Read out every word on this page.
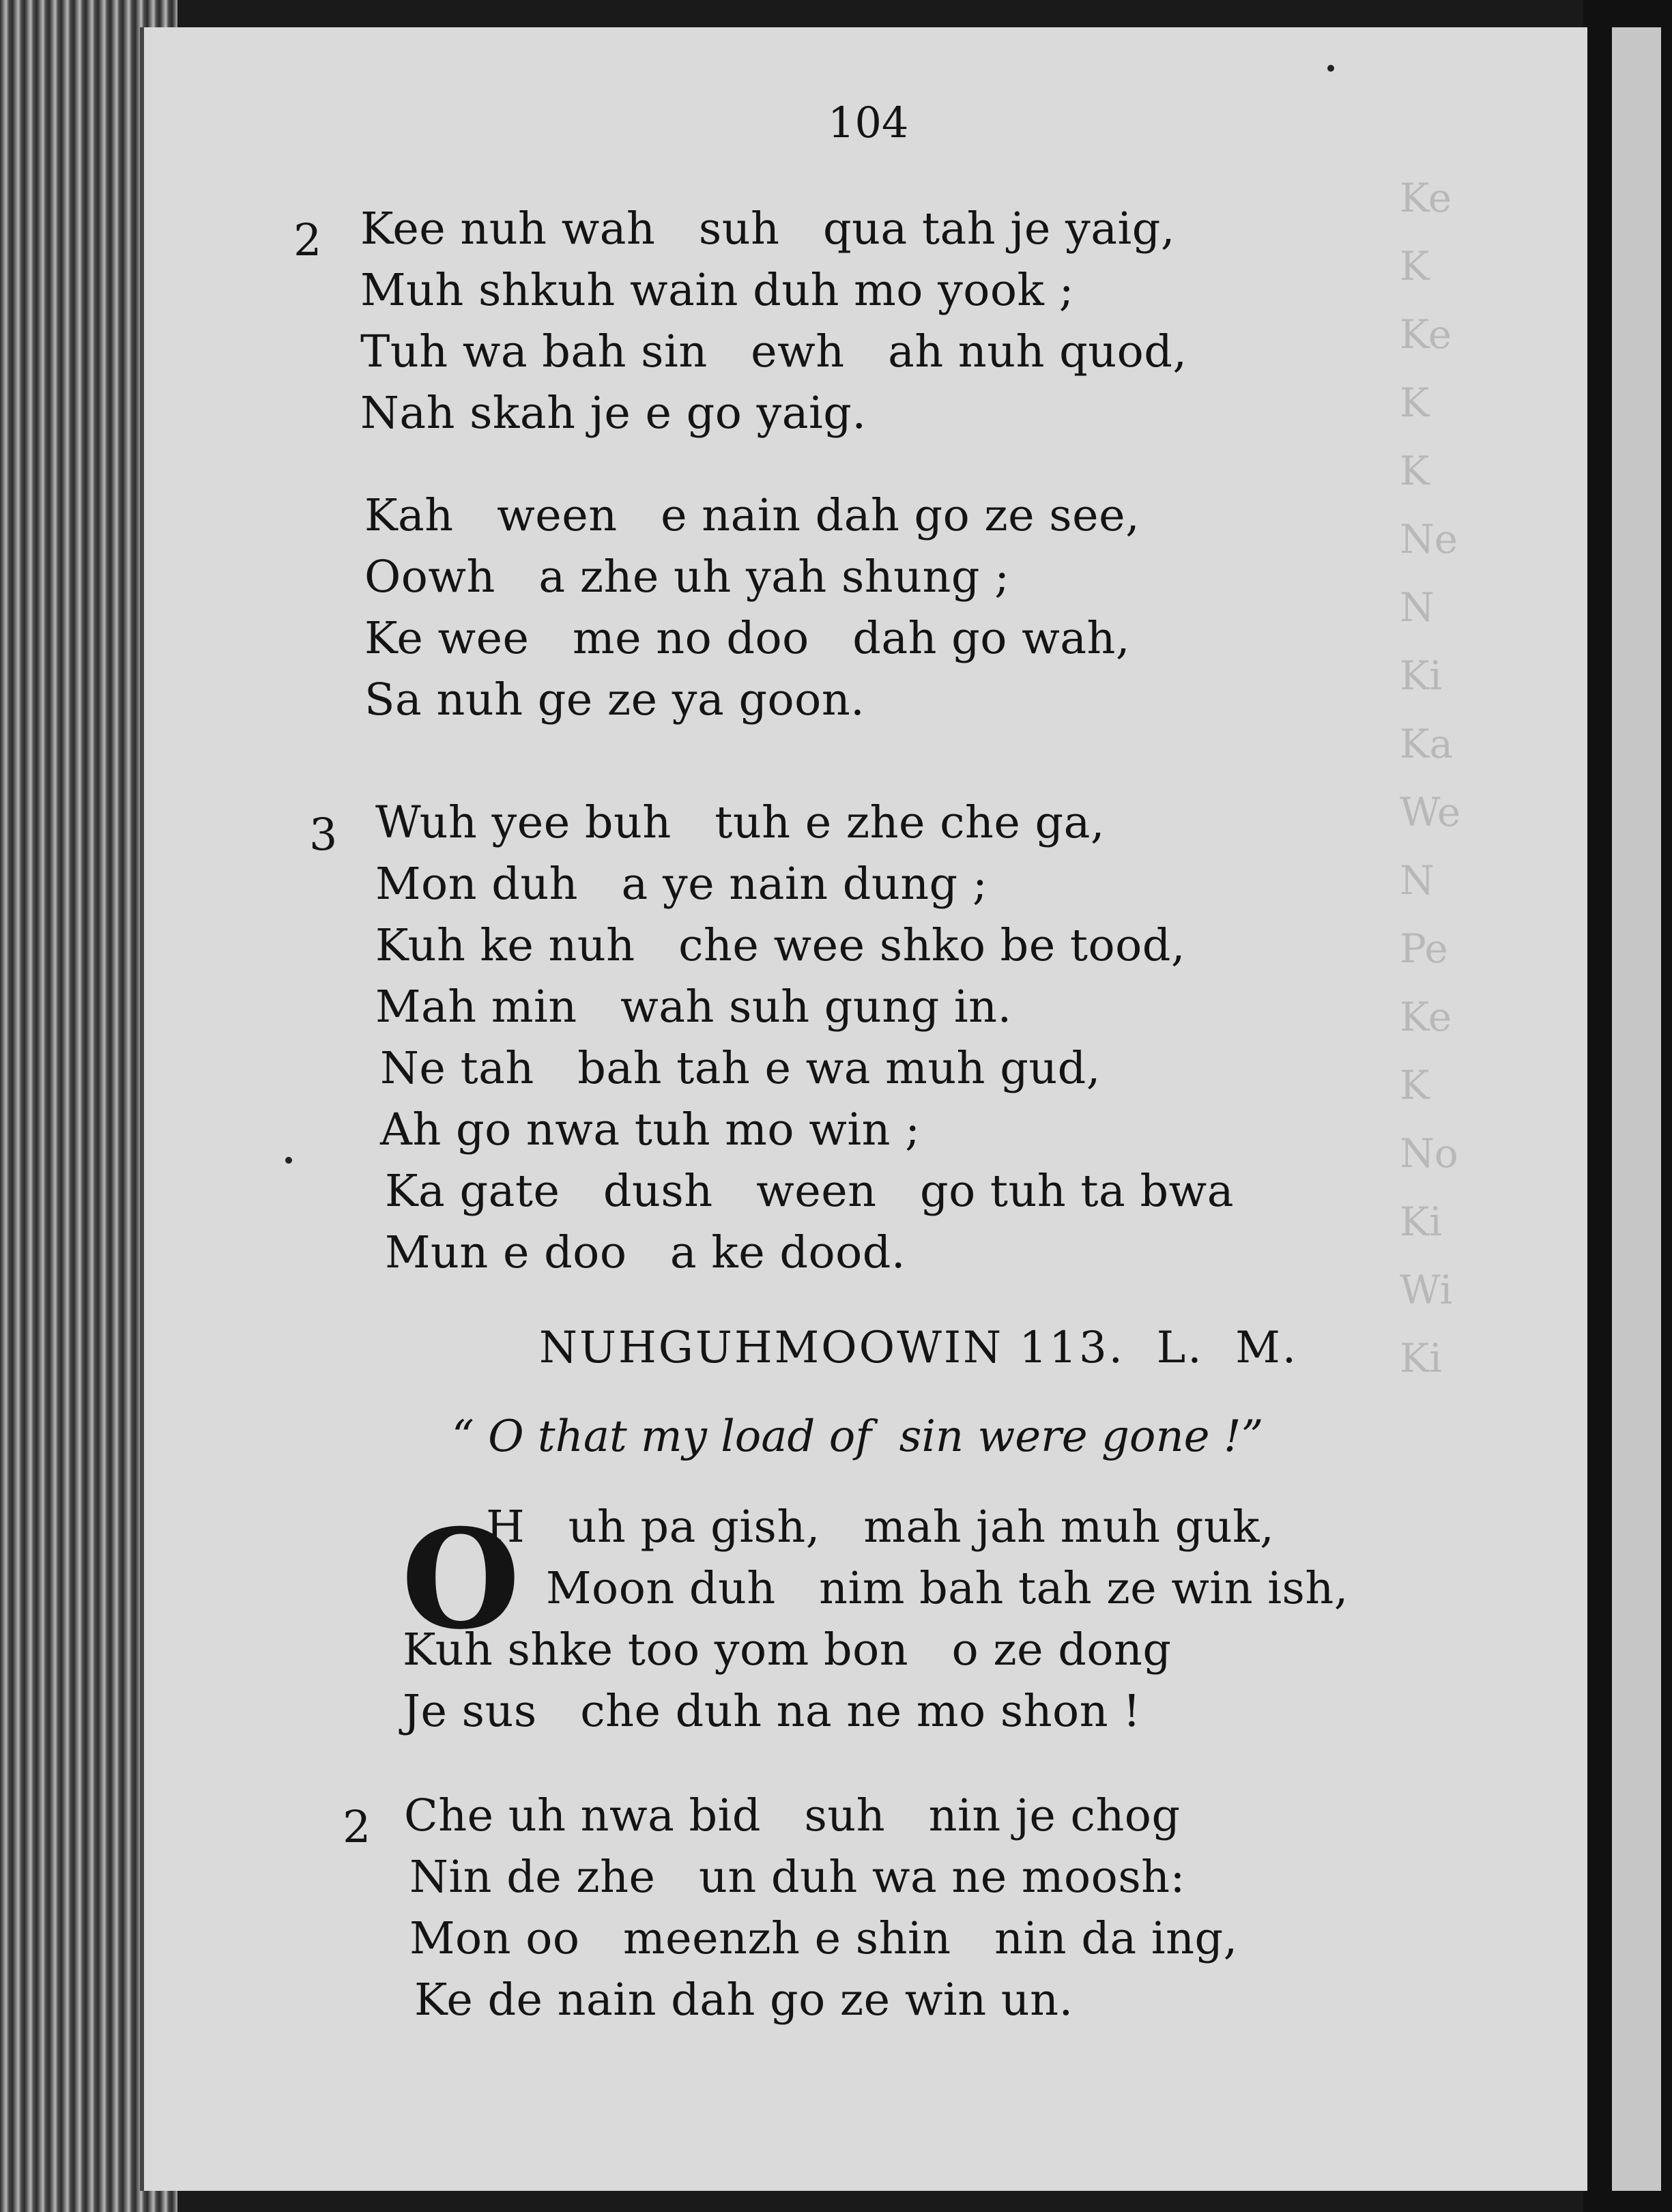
Ke
K
Ke
K
K
Ne
N
Ki
Ka
We
N
Pe
Ke
K
No
Ki
Wi
Ki
104
2 Kee nuh wah   suh   qua tah je yaig,
Muh shkuh wain duh mo yook ;
Tuh wa bah sin   ewh   ah nuh quod,
Nah skah je e go yaig.
Kah   ween   e nain dah go ze see,
Oowh   a zhe uh yah shung ;
Ke wee   me no doo   dah go wah,
Sa nuh ge ze ya goon.
3 Wuh yee buh   tuh e zhe che ga,
Mon duh   a ye nain dung ;
Kuh ke nuh   che wee shko be tood,
Mah min   wah suh gung in.
Ne tah   bah tah e wa muh gud,
Ah go nwa tuh mo win ;
Ka gate   dush   ween   go tuh ta bwa
Mun e doo   a ke dood.
NUHGUHMOOWIN 113.  L.  M.
“ O that my load of  sin were gone !”
O
H   uh pa gish,   mah jah muh guk,
Moon duh   nim bah tah ze win ish,
Kuh shke too yom bon   o ze dong
Je sus   che duh na ne mo shon !
2 Che uh nwa bid   suh   nin je chog
Nin de zhe   un duh wa ne moosh:
Mon oo   meenzh e shin   nin da ing,
Ke de nain dah go ze win un.
